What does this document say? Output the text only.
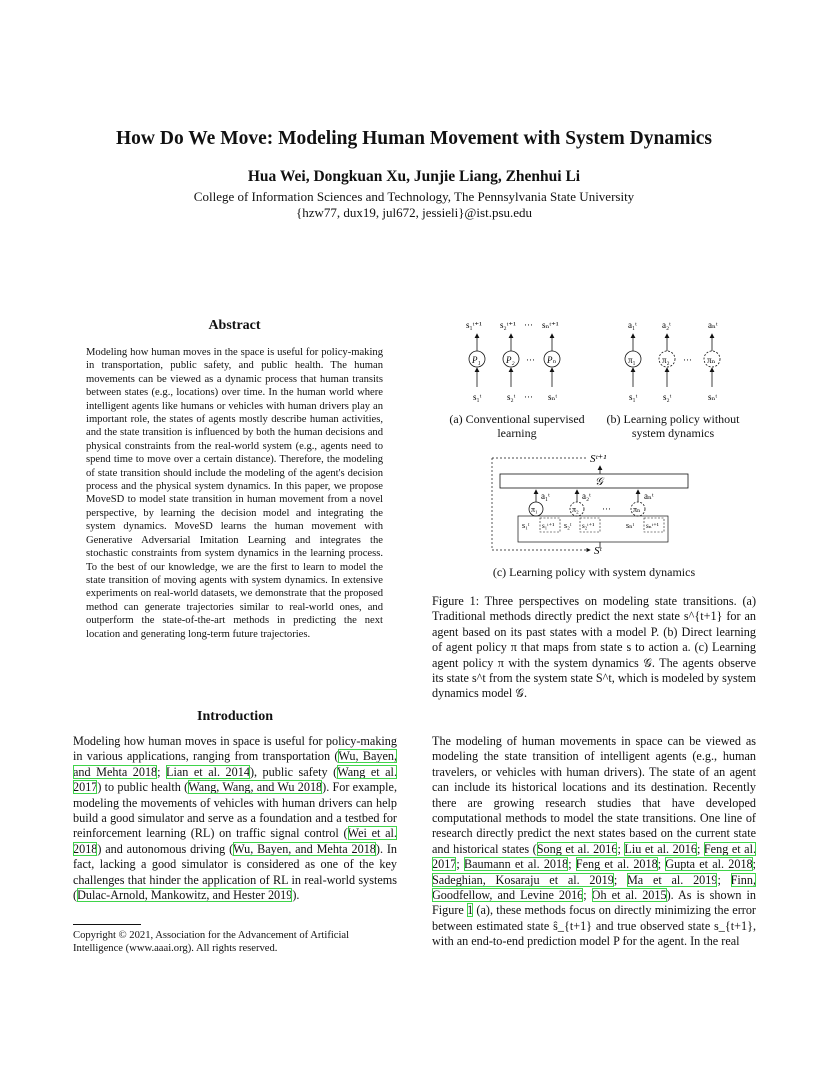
How Do We Move: Modeling Human Movement with System Dynamics
Hua Wei, Dongkuan Xu, Junjie Liang, Zhenhui Li
College of Information Sciences and Technology, The Pennsylvania State University
{hzw77, dux19, jul672, jessieli}@ist.psu.edu
Abstract
Modeling how human moves in the space is useful for policy-making in transportation, public safety, and public health. The human movements can be viewed as a dynamic process that human transits between states (e.g., locations) over time. In the human world where intelligent agents like humans or vehicles with human drivers play an important role, the states of agents mostly describe human activities, and the state transition is influenced by both the human decisions and physical constraints from the real-world system (e.g., agents need to spend time to move over a certain distance). Therefore, the modeling of state transition should include the modeling of the agent's decision process and the physical system dynamics. In this paper, we propose MoveSD to model state transition in human movement from a novel perspective, by learning the decision model and integrating the system dynamics. MoveSD learns the human movement with Generative Adversarial Imitation Learning and integrates the stochastic constraints from system dynamics in the learning process. To the best of our knowledge, we are the first to learn to model the state transition of moving agents with system dynamics. In extensive experiments on real-world datasets, we demonstrate that the proposed method can generate trajectories similar to real-world ones, and outperform the state-of-the-art methods in predicting the next location and generating long-term future trajectories.
Introduction
Modeling how human moves in space is useful for policy-making in various applications, ranging from transportation (Wu, Bayen, and Mehta 2018; Lian et al. 2014), public safety (Wang et al. 2017) to public health (Wang, Wang, and Wu 2018). For example, modeling the movements of vehicles with human drivers can help build a good simulator and serve as a foundation and a testbed for reinforcement learning (RL) on traffic signal control (Wei et al. 2018) and autonomous driving (Wu, Bayen, and Mehta 2018). In fact, lacking a good simulator is considered as one of the key challenges that hinder the application of RL in real-world systems (Dulac-Arnold, Mankowitz, and Hester 2019).
Copyright © 2021, Association for the Advancement of Artificial Intelligence (www.aaai.org). All rights reserved.
s₁ᵗ⁺¹ s₂ᵗ⁺¹ ··· sₙᵗ⁺¹
P₁	P₂ ··· Pₙ
s₁ᵗ	s₂ᵗ ··· sₙᵗ
a₁ᵗ	a₂ᵗ	aₙᵗ
π₁	π₂ ··· πₙ
s₁ᵗ	s₂ᵗ	sₙᵗ
Sᵗ⁺¹
Sᵗ
𝒢
a₁ᵗ	a₂ᵗ	aₙᵗ
π₁	π₂	···	πₙ
s₁ᵗ s₁ᵗ⁺¹ s₂ᵗ s₂ᵗ⁺¹	sₙᵗ sₙᵗ⁺¹
(a) Conventional supervised learning
(b) Learning policy without system dynamics
(c) Learning policy with system dynamics
Figure 1: Three perspectives on modeling state transitions. (a) Traditional methods directly predict the next state s^{t+1} for an agent based on its past states with a model P. (b) Direct learning of agent policy π that maps from state s to action a. (c) Learning agent policy π with the system dynamics 𝒢. The agents observe its state s^t from the system state S^t, which is modeled by system dynamics model 𝒢.
The modeling of human movements in space can be viewed as modeling the state transition of intelligent agents (e.g., human travelers, or vehicles with human drivers). The state of an agent can include its historical locations and its destination. Recently there are growing research studies that have developed computational methods to model the state transitions. One line of research directly predict the next states based on the current state and historical states (Song et al. 2016; Liu et al. 2016; Feng et al. 2017; Baumann et al. 2018; Feng et al. 2018; Gupta et al. 2018; Sadeghian, Kosaraju et al. 2019; Ma et al. 2019; Finn, Goodfellow, and Levine 2016; Oh et al. 2015). As is shown in Figure 1 (a), these methods focus on directly minimizing the error between estimated state ŝ_{t+1} and true observed state s_{t+1}, with an end-to-end prediction model P for the agent. In the real
